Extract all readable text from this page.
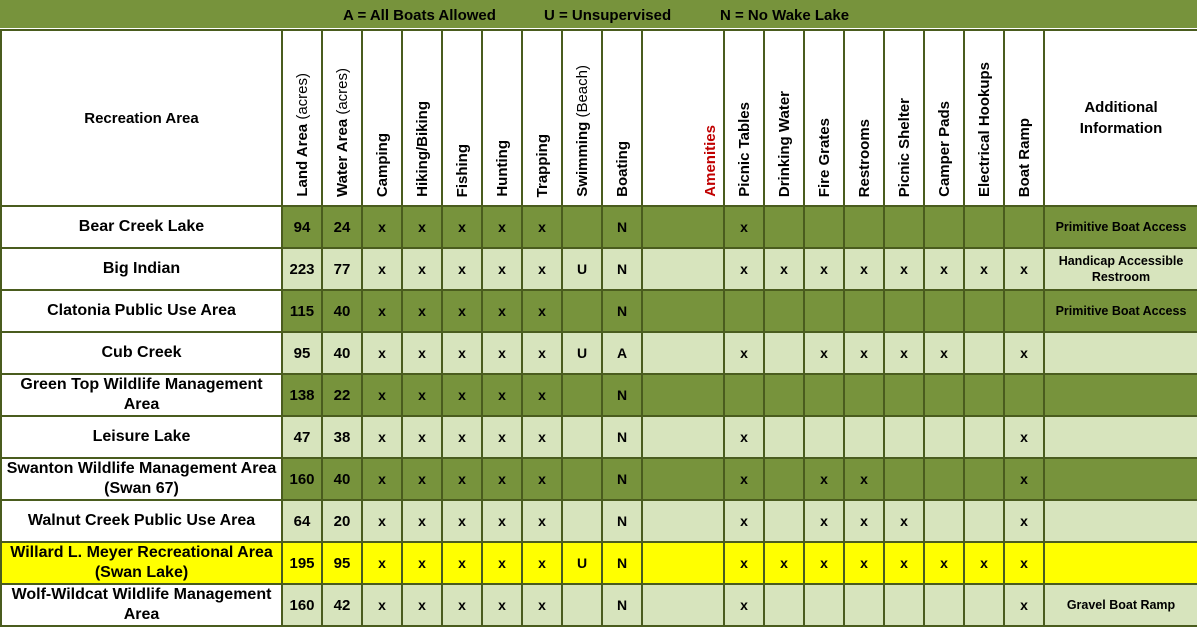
A = All Boats Allowed	U = Unsupervised	N = No Wake Lake
Recreation Area	Land Area (acres)	Water Area (acres)	Camping	Hiking/Biking	Fishing	Hunting	Trapping	Swimming (Beach)	Boating	Amenities	Picnic Tables	Drinking Water	Fire Grates	Restrooms	Picnic Shelter	Camper Pads	Electrical Hookups	Boat Ramp	Additional Information
Bear Creek Lake	94	24	x	x	x	x	x		N		x								Primitive Boat Access
Big Indian	223	77	x	x	x	x	x	U	N		x	x	x	x	x	x	x	x	Handicap Accessible Restroom
Clatonia Public Use Area	115	40	x	x	x	x	x		N										Primitive Boat Access
Cub Creek	95	40	x	x	x	x	x	U	A		x		x	x	x	x		x	
Green Top Wildlife Management Area	138	22	x	x	x	x	x		N										
Leisure Lake	47	38	x	x	x	x	x		N		x							x	
Swanton Wildlife Management Area (Swan 67)	160	40	x	x	x	x	x		N		x		x	x				x	
Walnut Creek Public Use Area	64	20	x	x	x	x	x		N		x		x	x	x			x	
Willard L. Meyer Recreational Area (Swan Lake)	195	95	x	x	x	x	x	U	N		x	x	x	x	x	x	x	x	
Wolf-Wildcat Wildlife Management Area	160	42	x	x	x	x	x		N		x							x	Gravel Boat Ramp
